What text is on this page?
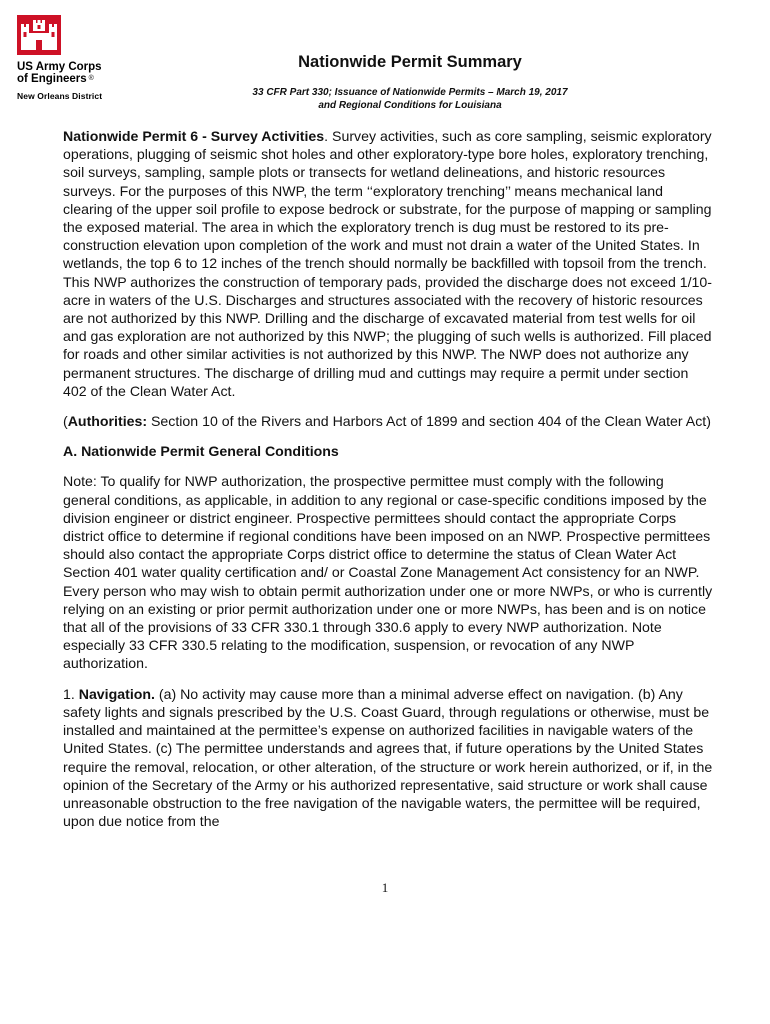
US Army Corps
of Engineers ®
New Orleans District
Nationwide Permit Summary
33 CFR Part 330; Issuance of Nationwide Permits – March 19, 2017
and Regional Conditions for Louisiana

Nationwide Permit 6 - Survey Activities. Survey activities, such as core sampling, seismic exploratory operations, plugging of seismic shot holes and other exploratory-type bore holes, exploratory trenching, soil surveys, sampling, sample plots or transects for wetland delineations, and historic resources surveys. For the purposes of this NWP, the term ‘‘exploratory trenching’’ means mechanical land clearing of the upper soil profile to expose bedrock or substrate, for the purpose of mapping or sampling the exposed material. The area in which the exploratory trench is dug must be restored to its pre-construction elevation upon completion of the work and must not drain a water of the United States. In wetlands, the top 6 to 12 inches of the trench should normally be backfilled with topsoil from the trench. This NWP authorizes the construction of temporary pads, provided the discharge does not exceed 1/10-acre in waters of the U.S. Discharges and structures associated with the recovery of historic resources are not authorized by this NWP. Drilling and the discharge of excavated material from test wells for oil and gas exploration are not authorized by this NWP; the plugging of such wells is authorized. Fill placed for roads and other similar activities is not authorized by this NWP. The NWP does not authorize any permanent structures. The discharge of drilling mud and cuttings may require a permit under section 402 of the Clean Water Act.

(Authorities: Section 10 of the Rivers and Harbors Act of 1899 and section 404 of the Clean Water Act)

A. Nationwide Permit General Conditions

Note: To qualify for NWP authorization, the prospective permittee must comply with the following general conditions, as applicable, in addition to any regional or case-specific conditions imposed by the division engineer or district engineer. Prospective permittees should contact the appropriate Corps district office to determine if regional conditions have been imposed on an NWP. Prospective permittees should also contact the appropriate Corps district office to determine the status of Clean Water Act Section 401 water quality certification and/ or Coastal Zone Management Act consistency for an NWP. Every person who may wish to obtain permit authorization under one or more NWPs, or who is currently relying on an existing or prior permit authorization under one or more NWPs, has been and is on notice that all of the provisions of 33 CFR 330.1 through 330.6 apply to every NWP authorization. Note especially 33 CFR 330.5 relating to the modification, suspension, or revocation of any NWP authorization.

1. Navigation. (a) No activity may cause more than a minimal adverse effect on navigation. (b) Any safety lights and signals prescribed by the U.S. Coast Guard, through regulations or otherwise, must be installed and maintained at the permittee’s expense on authorized facilities in navigable waters of the United States. (c) The permittee understands and agrees that, if future operations by the United States require the removal, relocation, or other alteration, of the structure or work herein authorized, or if, in the opinion of the Secretary of the Army or his authorized representative, said structure or work shall cause unreasonable obstruction to the free navigation of the navigable waters, the permittee will be required, upon due notice from the

1
